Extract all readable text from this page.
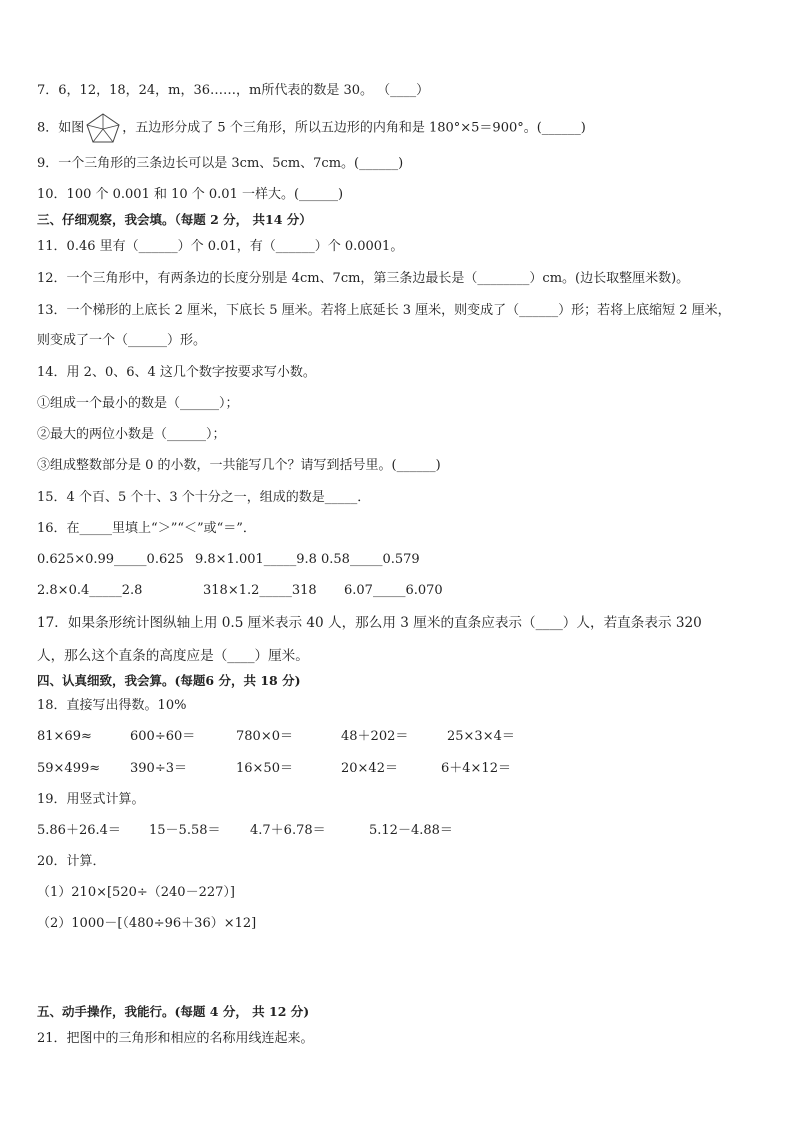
7．6，12，18，24，m，36……，m所代表的数是 30。 （____）
8．如图	，五边形分成了 5 个三角形，所以五边形的内角和是 180°×5＝900°。(______)
9．一个三角形的三条边长可以是 3cm、5cm、7cm。(______)
10．100 个 0.001 和 10 个 0.01 一样大。(______)
三、仔细观察，我会填。（每题 2 分， 共14 分）
11．0.46 里有（______）个 0.01，有（______）个 0.0001。
12．一个三角形中，有两条边的长度分别是 4cm、7cm，第三条边最长是（________）cm。(边长取整厘米数)。
13．一个梯形的上底长 2 厘米，下底长 5 厘米。若将上底延长 3 厘米，则变成了（______）形；若将上底缩短 2 厘米，
则变成了一个（______）形。
14．用 2、0、6、4 这几个数字按要求写小数。
①组成一个最小的数是（______）；
②最大的两位小数是（______）；
③组成整数部分是 0 的小数，一共能写几个？请写到括号里。(______)
15．4 个百、5 个十、3 个十分之一，组成的数是_____．
16．在_____里填上“＞”“＜”或“＝”．
0.625×0.99_____0.625 9.8×1.001_____9.8 0.58_____0.579
2.8×0.4_____2.8	318×1.2_____318 6.07_____6.070
17．如果条形统计图纵轴上用 0.5 厘米表示 40 人，那么用 3 厘米的直条应表示（____）人，若直条表示 320
人，那么这个直条的高度应是（____）厘米。
四、认真细致，我会算。(每题6 分，共 18 分)
18．直接写出得数。10%
81×69≈	600÷60＝	780×0＝	48＋202＝	25×3×4＝
59×499≈ 390÷3＝	16×50＝	20×42＝	6＋4×12＝
19．用竖式计算。
5.86＋26.4＝ 15－5.58＝ 4.7＋6.78＝	5.12－4.88＝
20．计算．
（1）210×[520÷（240－227）]
（2）1000－[（480÷96＋36）×12]
五、动手操作，我能行。(每题 4 分， 共 12 分)
21．把图中的三角形和相应的名称用线连起来。
